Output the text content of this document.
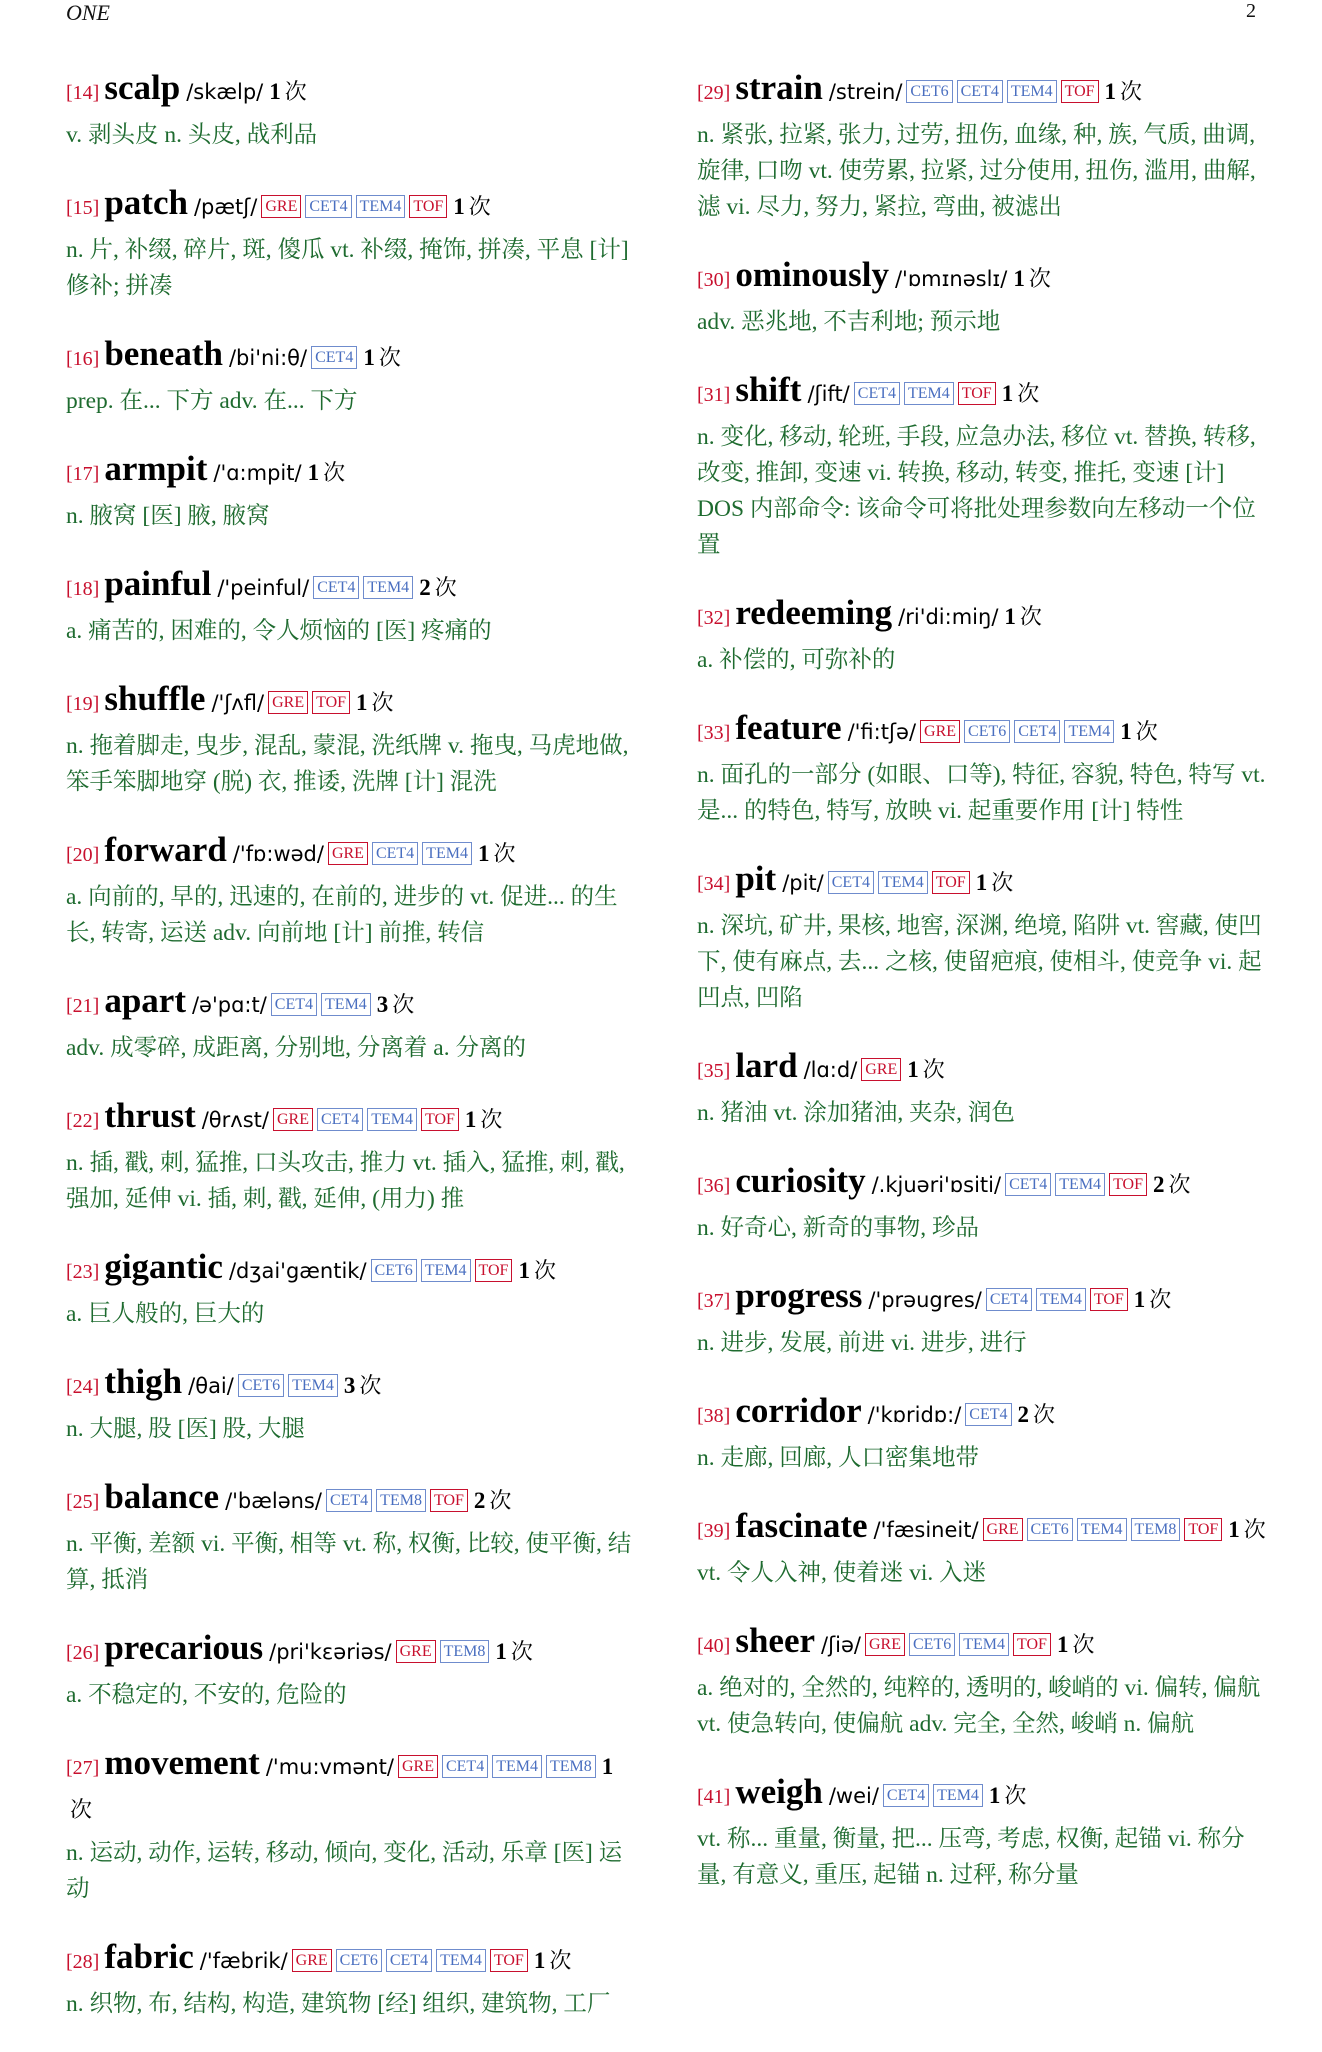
ONE	2
[14] scalp /skælp/ 1 次
v. 剥头皮 n. 头皮, 战利品
[15] patch /pætʃ/ GRE CET4 TEM4 TOF 1 次
n. 片, 补缀, 碎片, 斑, 傻瓜 vt. 补缀, 掩饰, 拼凑, 平息 [计] 修补; 拼凑
[16] beneath /bi'ni:θ/ CET4 1 次
prep. 在... 下方 adv. 在... 下方
[17] armpit /'ɑ:mpit/ 1 次
n. 腋窝 [医] 腋, 腋窝
[18] painful /'peinful/ CET4 TEM4 2 次
a. 痛苦的, 困难的, 令人烦恼的 [医] 疼痛的
[19] shuffle /'ʃʌfl/ GRE TOF 1 次
n. 拖着脚走, 曳步, 混乱, 蒙混, 洗纸牌 v. 拖曳, 马虎地做, 笨手笨脚地穿 (脱) 衣, 推诿, 洗牌 [计] 混洗
[20] forward /'fɒ:wəd/ GRE CET4 TEM4 1 次
a. 向前的, 早的, 迅速的, 在前的, 进步的 vt. 促进... 的生长, 转寄, 运送 adv. 向前地 [计] 前推, 转信
[21] apart /ə'pɑ:t/ CET4 TEM4 3 次
adv. 成零碎, 成距离, 分别地, 分离着 a. 分离的
[22] thrust /θrʌst/ GRE CET4 TEM4 TOF 1 次
n. 插, 戳, 刺, 猛推, 口头攻击, 推力 vt. 插入, 猛推, 刺, 戳, 强加, 延伸 vi. 插, 刺, 戳, 延伸, (用力) 推
[23] gigantic /dʒai'gæntik/ CET6 TEM4 TOF 1 次
a. 巨人般的, 巨大的
[24] thigh /θai/ CET6 TEM4 3 次
n. 大腿, 股 [医] 股, 大腿
[25] balance /'bæləns/ CET4 TEM8 TOF 2 次
n. 平衡, 差额 vi. 平衡, 相等 vt. 称, 权衡, 比较, 使平衡, 结算, 抵消
[26] precarious /pri'kεəriəs/ GRE TEM8 1 次
a. 不稳定的, 不安的, 危险的
[27] movement /'mu:vmənt/ GRE CET4 TEM4 TEM8 1次
n. 运动, 动作, 运转, 移动, 倾向, 变化, 活动, 乐章 [医] 运动
[28] fabric /'fæbrik/ GRE CET6 CET4 TEM4 TOF 1 次
n. 织物, 布, 结构, 构造, 建筑物 [经] 组织, 建筑物, 工厂
[29] strain /strein/ CET6 CET4 TEM4 TOF 1 次
n. 紧张, 拉紧, 张力, 过劳, 扭伤, 血缘, 种, 族, 气质, 曲调, 旋律, 口吻 vt. 使劳累, 拉紧, 过分使用, 扭伤, 滥用, 曲解, 滤 vi. 尽力, 努力, 紧拉, 弯曲, 被滤出
[30] ominously /'ɒmɪnəslɪ/ 1 次
adv. 恶兆地, 不吉利地; 预示地
[31] shift /ʃift/ CET4 TEM4 TOF 1 次
n. 变化, 移动, 轮班, 手段, 应急办法, 移位 vt. 替换, 转移, 改变, 推卸, 变速 vi. 转换, 移动, 转变, 推托, 变速 [计] DOS 内部命令: 该命令可将批处理参数向左移动一个位置
[32] redeeming /ri'di:miŋ/ 1 次
a. 补偿的, 可弥补的
[33] feature /'fi:tʃə/ GRE CET6 CET4 TEM4 1 次
n. 面孔的一部分 (如眼、口等), 特征, 容貌, 特色, 特写 vt. 是... 的特色, 特写, 放映 vi. 起重要作用 [计] 特性
[34] pit /pit/ CET4 TEM4 TOF 1 次
n. 深坑, 矿井, 果核, 地窖, 深渊, 绝境, 陷阱 vt. 窖藏, 使凹下, 使有麻点, 去... 之核, 使留疤痕, 使相斗, 使竞争 vi. 起凹点, 凹陷
[35] lard /lɑ:d/ GRE 1 次
n. 猪油 vt. 涂加猪油, 夹杂, 润色
[36] curiosity /.kjuəri'ɒsiti/ CET4 TEM4 TOF 2 次
n. 好奇心, 新奇的事物, 珍品
[37] progress /'prəugres/ CET4 TEM4 TOF 1 次
n. 进步, 发展, 前进 vi. 进步, 进行
[38] corridor /'kɒridɒ:/ CET4 2 次
n. 走廊, 回廊, 人口密集地带
[39] fascinate /'fæsineit/ GRE CET6 TEM4 TEM8 TOF 1 次
vt. 令人入神, 使着迷 vi. 入迷
[40] sheer /ʃiə/ GRE CET6 TEM4 TOF 1 次
a. 绝对的, 全然的, 纯粹的, 透明的, 峻峭的 vi. 偏转, 偏航 vt. 使急转向, 使偏航 adv. 完全, 全然, 峻峭 n. 偏航
[41] weigh /wei/ CET4 TEM4 1 次
vt. 称... 重量, 衡量, 把... 压弯, 考虑, 权衡, 起锚 vi. 称分量, 有意义, 重压, 起锚 n. 过秤, 称分量
